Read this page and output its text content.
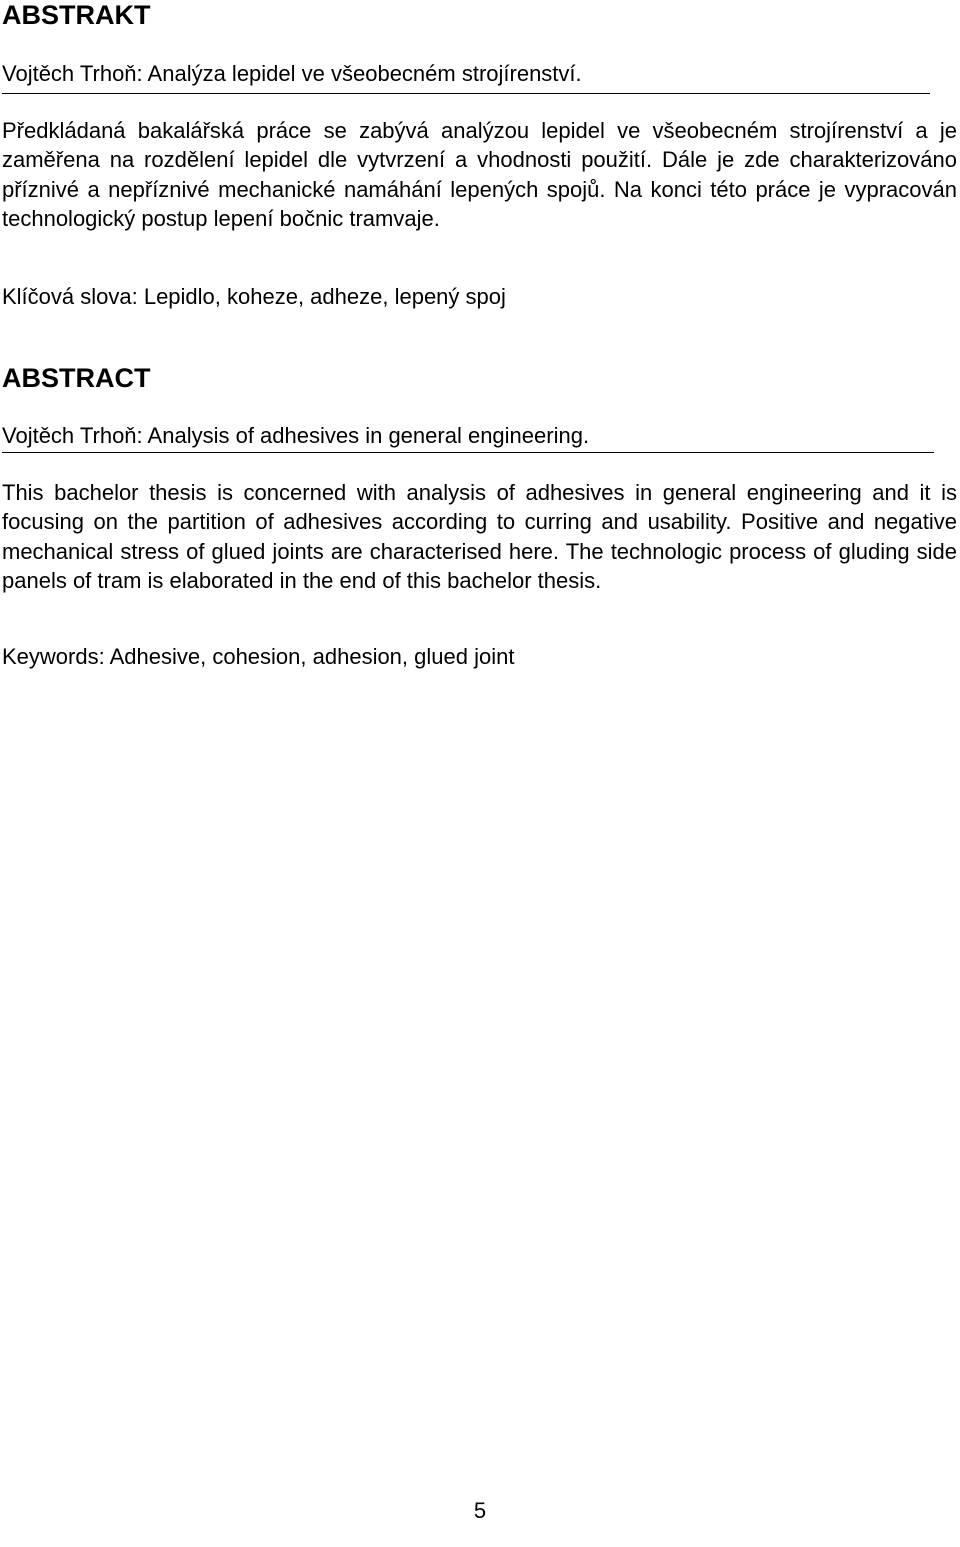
ABSTRAKT
Vojtěch Trhoň: Analýza lepidel ve všeobecném strojírenství.

Předkládaná bakalářská práce se zabývá analýzou lepidel ve všeobecném strojírenství a je zaměřena na rozdělení lepidel dle vytvrzení a vhodnosti použití. Dále je zde charakterizováno příznivé a nepříznivé mechanické namáhání lepených spojů. Na konci této práce je vypracován technologický postup lepení bočnic tramvaje.

Klíčová slova: Lepidlo, koheze, adheze, lepený spoj
ABSTRACT
Vojtěch Trhoň: Analysis of adhesives in general engineering.

This bachelor thesis is concerned with analysis of adhesives in general engineering and it is focusing on the partition of adhesives according to curring and usability. Positive and negative mechanical stress of glued joints are characterised here. The technologic process of gluding side panels of tram is elaborated in the end of this bachelor thesis.

Keywords: Adhesive, cohesion, adhesion, glued joint
5
